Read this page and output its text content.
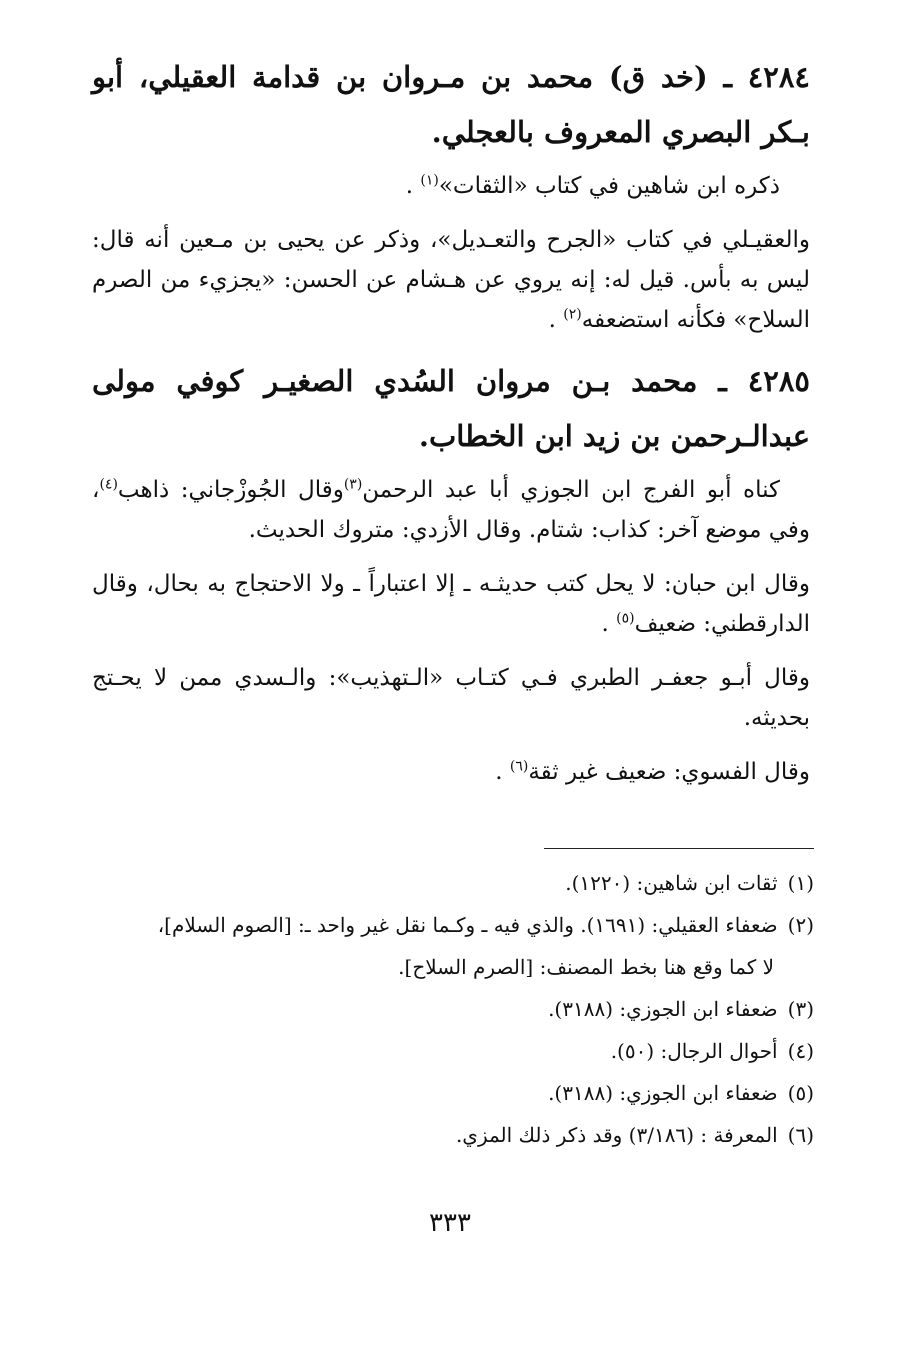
٤٢٨٤ ـ (خد ق) محمد بن مـروان بن قدامة العقيلي، أبو بـكر البصري المعروف بالعجلي.

ذكره ابن شاهين في كتاب «الثقات»$^{(١)}$ .

والعقيـلي في كتاب «الجرح والتعـديل»، وذكر عن يحيى بن مـعين أنه قال: ليس به بأس. قيل له: إنه يروي عن هـشام عن الحسن: «يجزيء من الصرم السلاح» فكأنه استضعفه$^{(٢)}$ .

٤٢٨٥ ـ محمد بـن مروان السُدي الصغيـر كوفي مولى عبدالـرحمن بن زيد ابن الخطاب.

كناه أبو الفرج ابن الجوزي أبا عبد الرحمن$^{(٣)}$وقال الجُوزْجاني: ذاهب$^{(٤)}$، وفي موضع آخر: كذاب: شتام. وقال الأزدي: متروك الحديث.

وقال ابن حبان: لا يحل كتب حديثـه ـ إلا اعتباراً ـ ولا الاحتجاج به بحال، وقال الدارقطني: ضعيف$^{(٥)}$ .

وقال أبـو جعفـر الطبري فـي كتـاب «الـتهذيب»: والـسدي ممن لا يحـتج بحديثه.

وقال الفسوي: ضعيف غير ثقة$^{(٦)}$ .

(١)ثقات ابن شاهين: (١٢٢٠).

(٢)ضعفاء العقيلي: (١٦٩١). والذي فيه ـ وكـما نقل غير واحد ـ: [الصوم السلام]،

لا كما وقع هنا بخط المصنف: [الصرم السلاح].

(٣)ضعفاء ابن الجوزي: (٣١٨٨).

(٤)أحوال الرجال: (٥٠).

(٥)ضعفاء ابن الجوزي: (٣١٨٨).

(٦)المعرفة : (٣/١٨٦) وقد ذكر ذلك المزي.

٣٣٣
